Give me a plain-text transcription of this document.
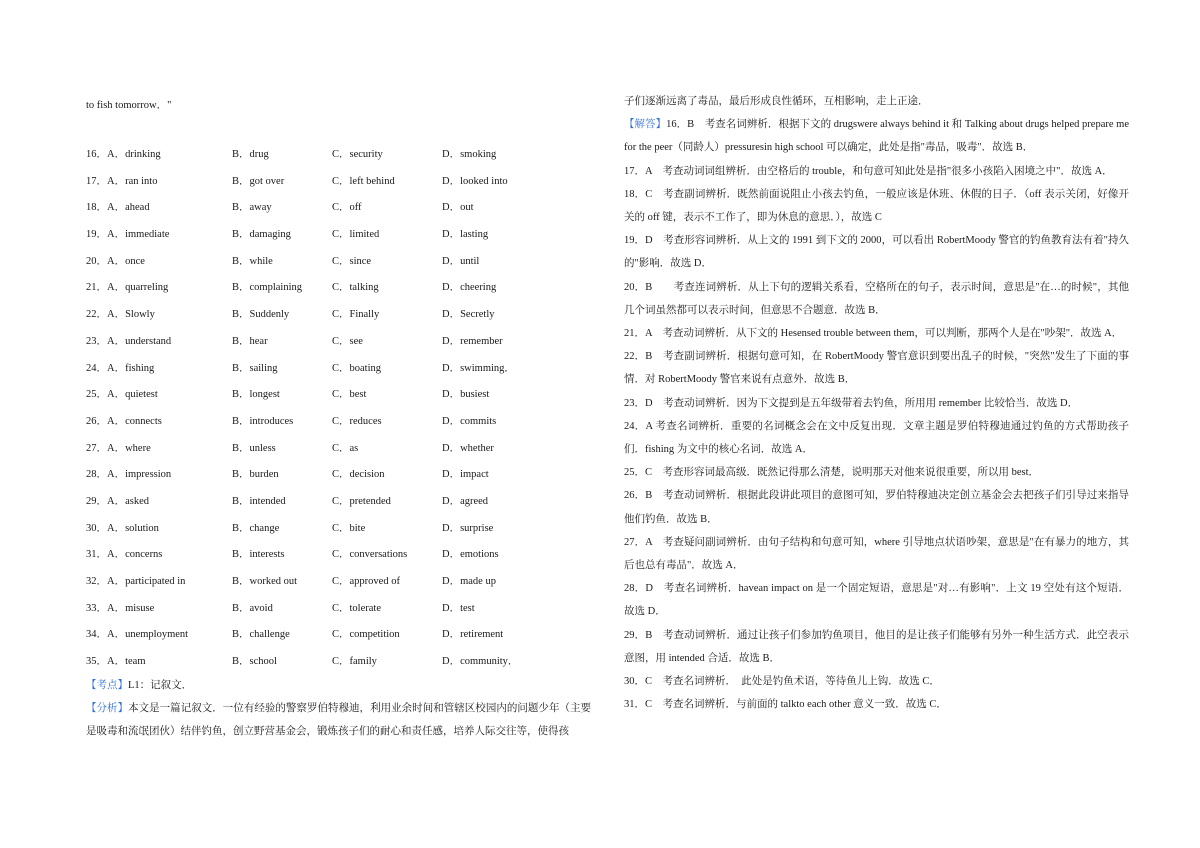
to fish tomorrow．"
16．A．drinking	B．drug	C．security	D．smoking
17．A．ran into	B．got over	C．left behind	D．looked into
18．A．ahead	B．away	C．off	D．out
19．A．immediate	B．damaging	C．limited	D．lasting
20．A．once	B．while	C．since	D．until
21．A．quarreling	B．complaining	C．talking	D．cheering
22．A．Slowly	B．Suddenly	C．Finally	D．Secretly
23．A．understand	B．hear	C．see	D．remember
24．A．fishing	B．sailing	C．boating	D．swimming．
25．A．quietest	B．longest	C．best	D．busiest
26．A．connects	B．introduces	C．reduces	D．commits
27．A．where	B．unless	C．as	D．whether
28．A．impression	B．burden	C．decision	D．impact
29．A．asked	B．intended	C．pretended	D．agreed
30．A．solution	B．change	C．bite	D．surprise
31．A．concerns	B．interests	C．conversations	D．emotions
32．A．participated in	B．worked out	C．approved of	D．made up
33．A．misuse	B．avoid	C．tolerate	D．test
34．A．unemployment	B．challenge	C．competition	D．retirement
35．A．team	B．school	C．family	D．community．
【考点】L1：记叙文．
【分析】本文是一篇记叙文．一位有经验的警察罗伯特穆迪，利用业余时间和管辖区校园内的问题少年（主要是吸毒和流氓团伙）结伴钓鱼，创立野营基金会，锻炼孩子们的耐心和责任感，培养人际交往等，使得孩
子们逐渐远离了毒品，最后形成良性循环，互相影响，走上正途．
【解答】16．B　考查名词辨析．根据下文的 drugswere always behind it 和 Talking about drugs helped prepare me for the peer（同龄人）pressuresin high school 可以确定，此处是指"毒品，吸毒"．故选 B．
17．A　考查动词词组辨析．由空格后的 trouble，和句意可知此处是指"很多小孩陷入困境之中"．故选 A．
18．C　考查副词辨析．既然前面说阻止小孩去钓鱼，一般应该是休班、休假的日子．（off 表示关闭，好像开关的 off 键，表示不工作了，即为休息的意思．），故选 C
19．D　考查形容词辨析．从上文的 1991 到下文的 2000，可以看出 RobertMoody 警官的钓鱼教育法有着"持久的"影响．故选 D．
20．B　　考查连词辨析．从上下句的逻辑关系看，空格所在的句子，表示时间，意思是"在…的时候"，其他几个词虽然都可以表示时间，但意思不合题意．故选 B．
21．A　考查动词辨析．从下文的 Hesensed trouble between them，可以判断，那两个人是在"吵架"．故选 A．
22．B　考查副词辨析．根据句意可知，在 RobertMoody 警官意识到要出乱子的时候，"突然"发生了下面的事情．对 RobertMoody 警官来说有点意外．故选 B．
23．D　考查动词辨析．因为下文提到是五年级带着去钓鱼，所用用 remember 比较恰当．故选 D．
24．A 考查名词辨析．重要的名词概念会在文中反复出现．文章主题是罗伯特穆迪通过钓鱼的方式帮助孩子们．fishing 为文中的核心名词．故选 A．
25．C　考查形容词最高级．既然记得那么清楚，说明那天对他来说很重要，所以用 best．
26．B　考查动词辨析．根据此段讲此项目的意图可知，罗伯特穆迪决定创立基金会去把孩子们引导过来指导他们钓鱼．故选 B．
27．A　考查疑问副词辨析．由句子结构和句意可知，where 引导地点状语吵架，意思是"在有暴力的地方，其后也总有毒品"．故选 A．
28．D　考查名词辨析．havean impact on 是一个固定短语，意思是"对…有影响"．上文 19 空处有这个短语．故选 D．
29．B　考查动词辨析．通过让孩子们参加钓鱼项目，他目的是让孩子们能够有另外一种生活方式．此空表示意图，用 intended 合适．故选 B．
30．C　考查名词辨析．　此处是钓鱼术语，等待鱼儿上钩．故选 C．
31．C　考查名词辨析．与前面的 talkto each other 意义一致．故选 C．
